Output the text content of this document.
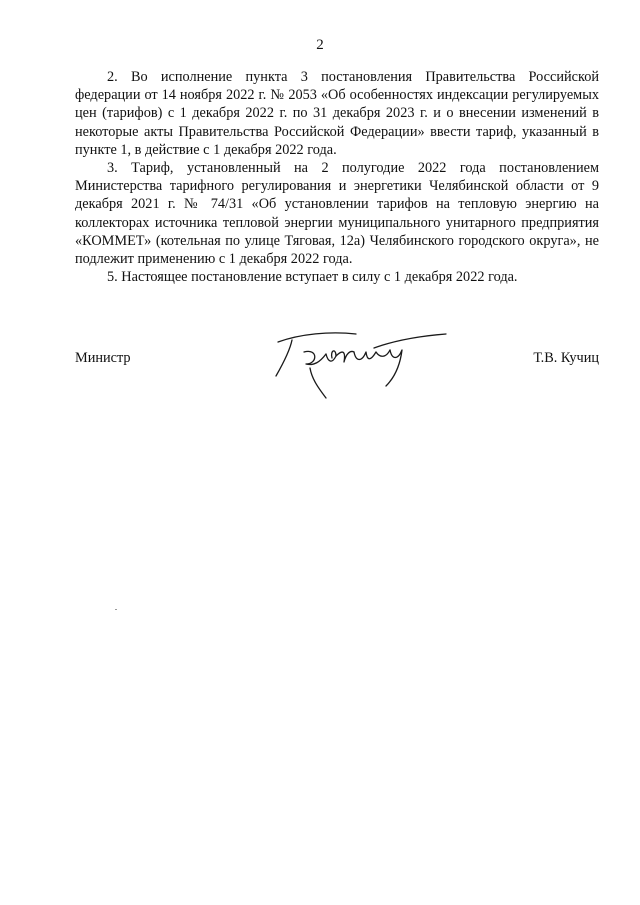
2

2. Во исполнение пункта 3 постановления Правительства Российской федерации от 14 ноября 2022 г. № 2053 «Об особенностях индексации регулируемых цен (тарифов) с 1 декабря 2022 г. по 31 декабря 2023 г. и о внесении изменений в некоторые акты Правительства Российской Федерации» ввести тариф, указанный в пункте 1, в действие с 1 декабря 2022 года.

3. Тариф, установленный на 2 полугодие 2022 года постановлением Министерства тарифного регулирования и энергетики Челябинской области от 9 декабря 2021 г. № 74/31 «Об установлении тарифов на тепловую энергию на коллекторах источника тепловой энергии муниципального унитарного предприятия «КОММЕТ» (котельная по улице Тяговая, 12а) Челябинского городского округа», не подлежит применению с 1 декабря 2022 года.

5. Настоящее постановление вступает в силу с 1 декабря 2022 года.

Министр	Т.В. Кучиц
